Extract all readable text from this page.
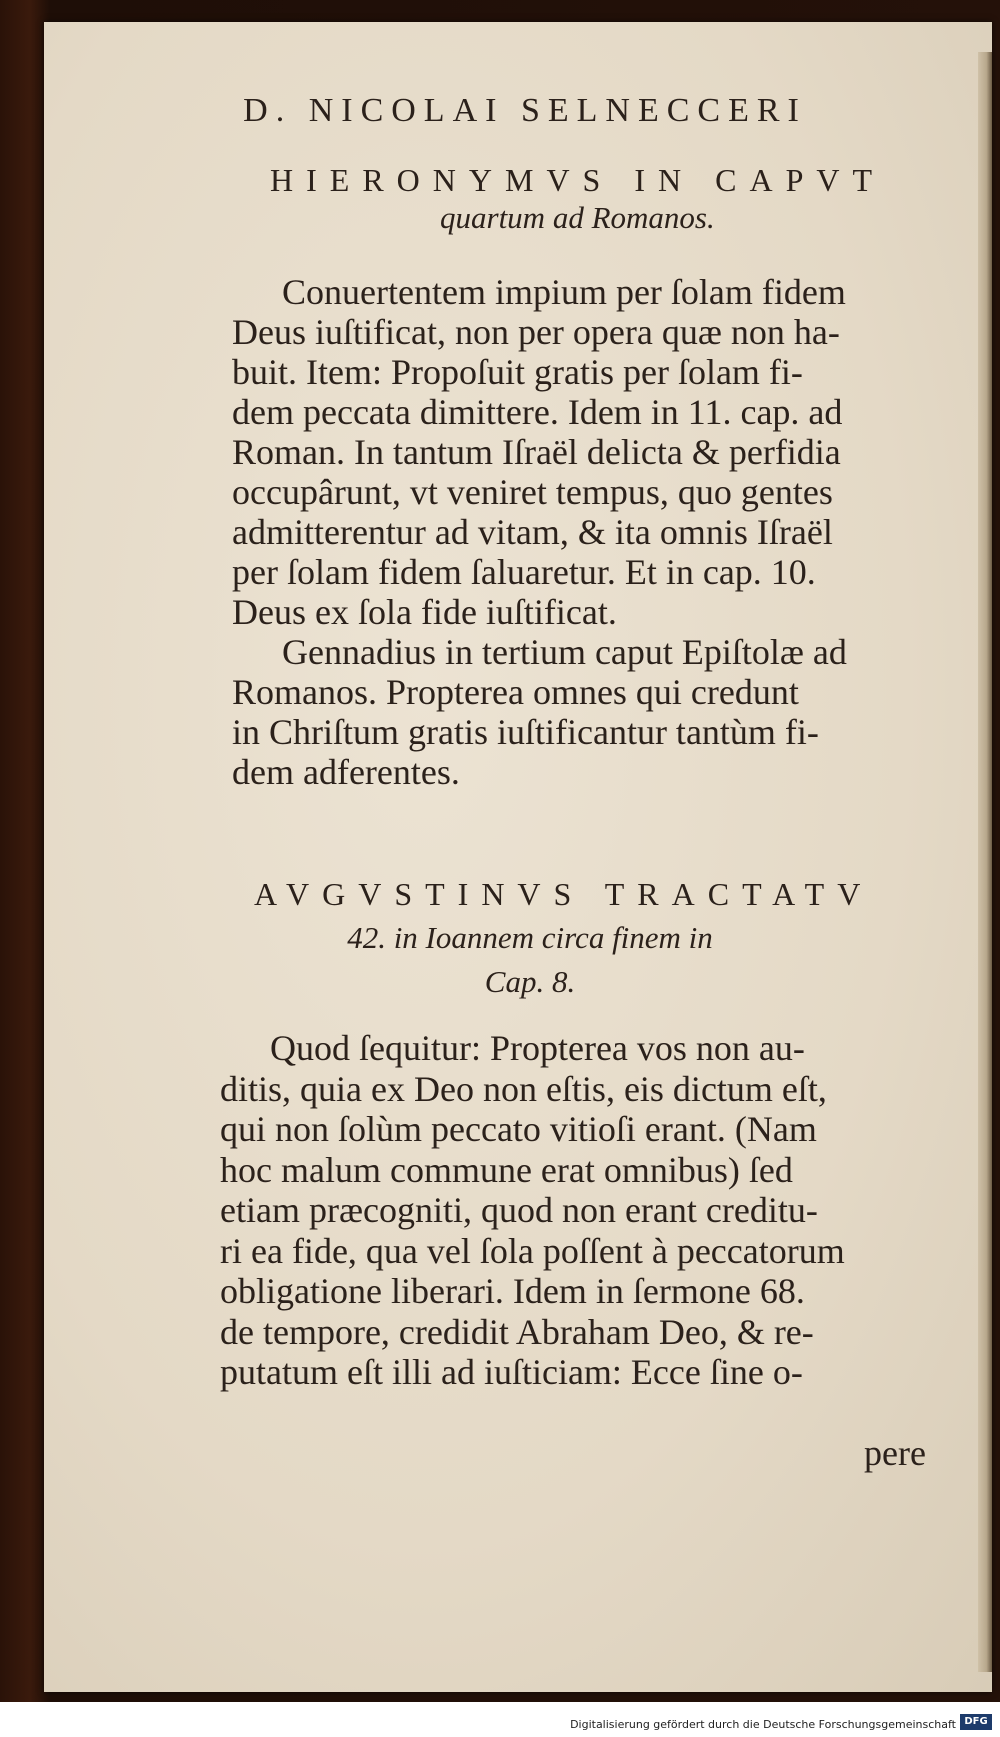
D. NICOLAI SELNECCERI
HIERONYMVS IN CAPVT
quartum ad Romanos.

Conuertentem impium per ſolam fidem

Deus iuſtificat, non per opera quæ non ha-

buit. Item: Propoſuit gratis per ſolam fi-

dem peccata dimittere. Idem in 11. cap. ad

Roman. In tantum Iſraël delicta & perfidia

occupârunt, vt veniret tempus, quo gentes

admitterentur ad vitam, & ita omnis Iſraël

per ſolam fidem ſaluaretur. Et in cap. 10.

Deus ex ſola fide iuſtificat.

Gennadius in tertium caput Epiſtolæ ad

Romanos. Propterea omnes qui credunt

in Chriſtum gratis iuſtificantur tantùm fi-

dem adferentes.

AVGVSTINVS TRACTATV
42. in Ioannem circa finem in
Cap. 8.

Quod ſequitur: Propterea vos non au-

ditis, quia ex Deo non eſtis, eis dictum eſt,

qui non ſolùm peccato vitioſi erant. (Nam

hoc malum commune erat omnibus) ſed

etiam præcogniti, quod non erant creditu-

ri ea fide, qua vel ſola poſſent à peccatorum

obligatione liberari. Idem in ſermone 68.

de tempore, credidit Abraham Deo, & re-

putatum eſt illi ad iuſticiam: Ecce ſine o-

pere
Digitalisierung gefördert durch die Deutsche Forschungsgemeinschaft DFG
